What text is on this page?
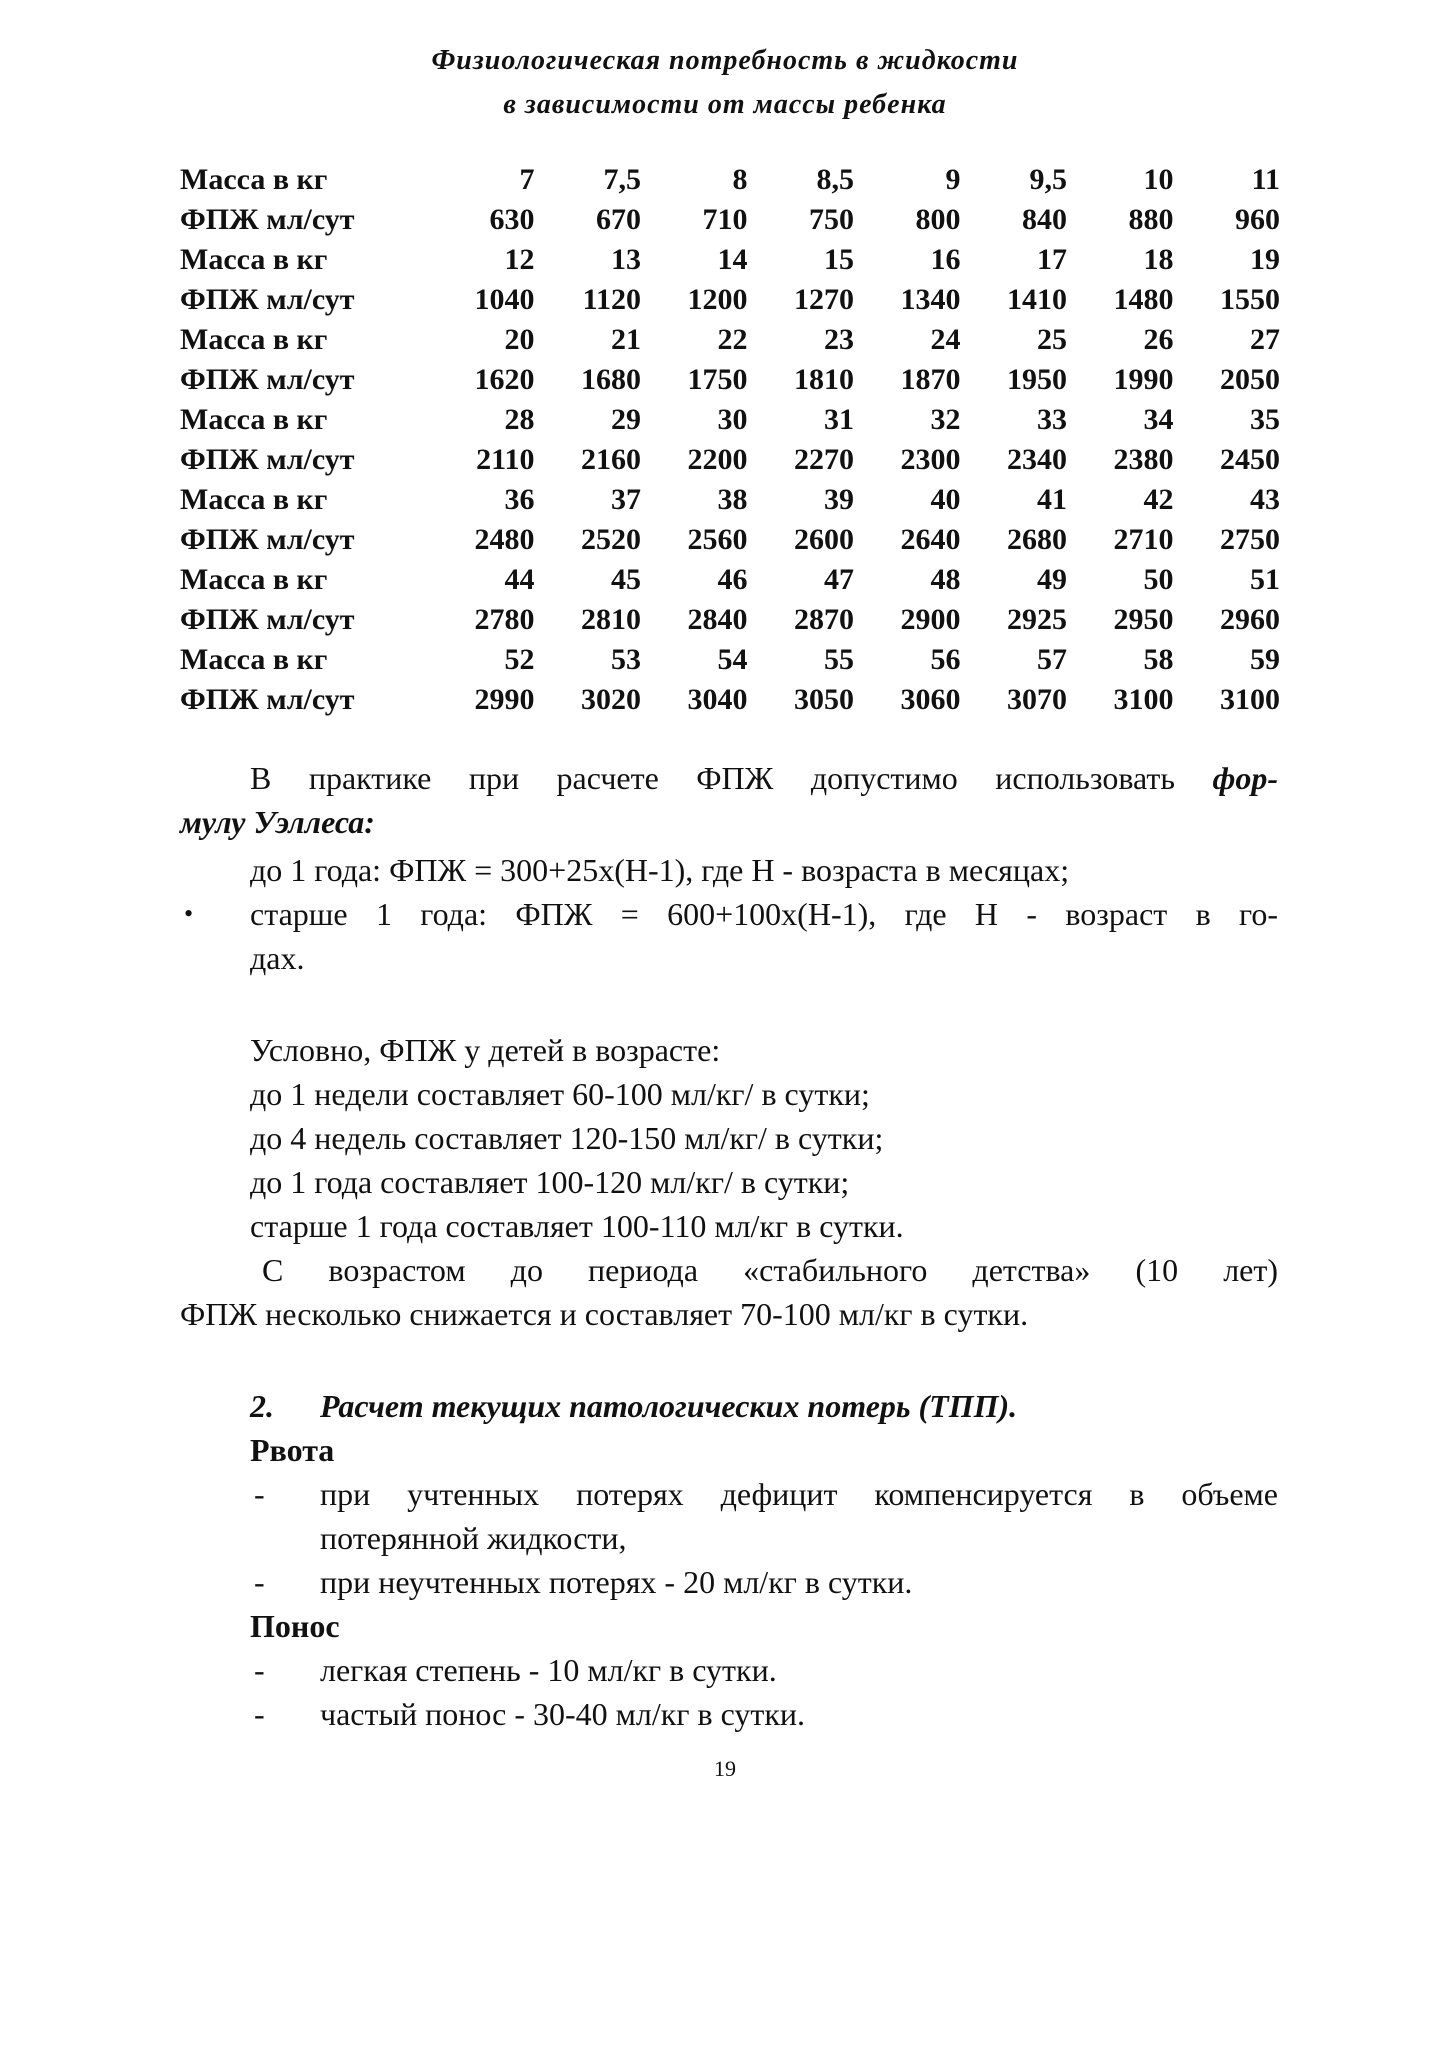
Физиологическая потребность в жидкости
в зависимости от массы ребенка
Масса в кг	7	7,5	8	8,5	9	9,5	10	11
ФПЖ мл/сут	630	670	710	750	800	840	880	960
Масса в кг	12	13	14	15	16	17	18	19
ФПЖ мл/сут	1040	1120	1200	1270	1340	1410	1480	1550
Масса в кг	20	21	22	23	24	25	26	27
ФПЖ мл/сут	1620	1680	1750	1810	1870	1950	1990	2050
Масса в кг	28	29	30	31	32	33	34	35
ФПЖ мл/сут	2110	2160	2200	2270	2300	2340	2380	2450
Масса в кг	36	37	38	39	40	41	42	43
ФПЖ мл/сут	2480	2520	2560	2600	2640	2680	2710	2750
Масса в кг	44	45	46	47	48	49	50	51
ФПЖ мл/сут	2780	2810	2840	2870	2900	2925	2950	2960
Масса в кг	52	53	54	55	56	57	58	59
ФПЖ мл/сут	2990	3020	3040	3050	3060	3070	3100	3100
В практике при расчете ФПЖ допустимо использовать фор-
мулу Уэллеса:
до 1 года: ФПЖ = 300+25х(Н-1), где Н - возраста в месяцах;
• старше 1 года: ФПЖ = 600+100х(Н-1), где Н - возраст в го-
дах.
Условно, ФПЖ у детей в возрасте:
до 1 недели составляет 60-100 мл/кг/ в сутки;
до 4 недель составляет 120-150 мл/кг/ в сутки;
до 1 года составляет 100-120 мл/кг/ в сутки;
старше 1 года составляет 100-110 мл/кг в сутки.
С возрастом до периода «стабильного детства» (10 лет)
ФПЖ несколько снижается и составляет 70-100 мл/кг в сутки.
2. Расчет текущих патологических потерь (ТПП).
Рвота
- при учтенных потерях дефицит компенсируется в объеме
потерянной жидкости,
- при неучтенных потерях - 20 мл/кг в сутки.
Понос
- легкая степень - 10 мл/кг в сутки.
- частый понос - 30-40 мл/кг в сутки.
19
